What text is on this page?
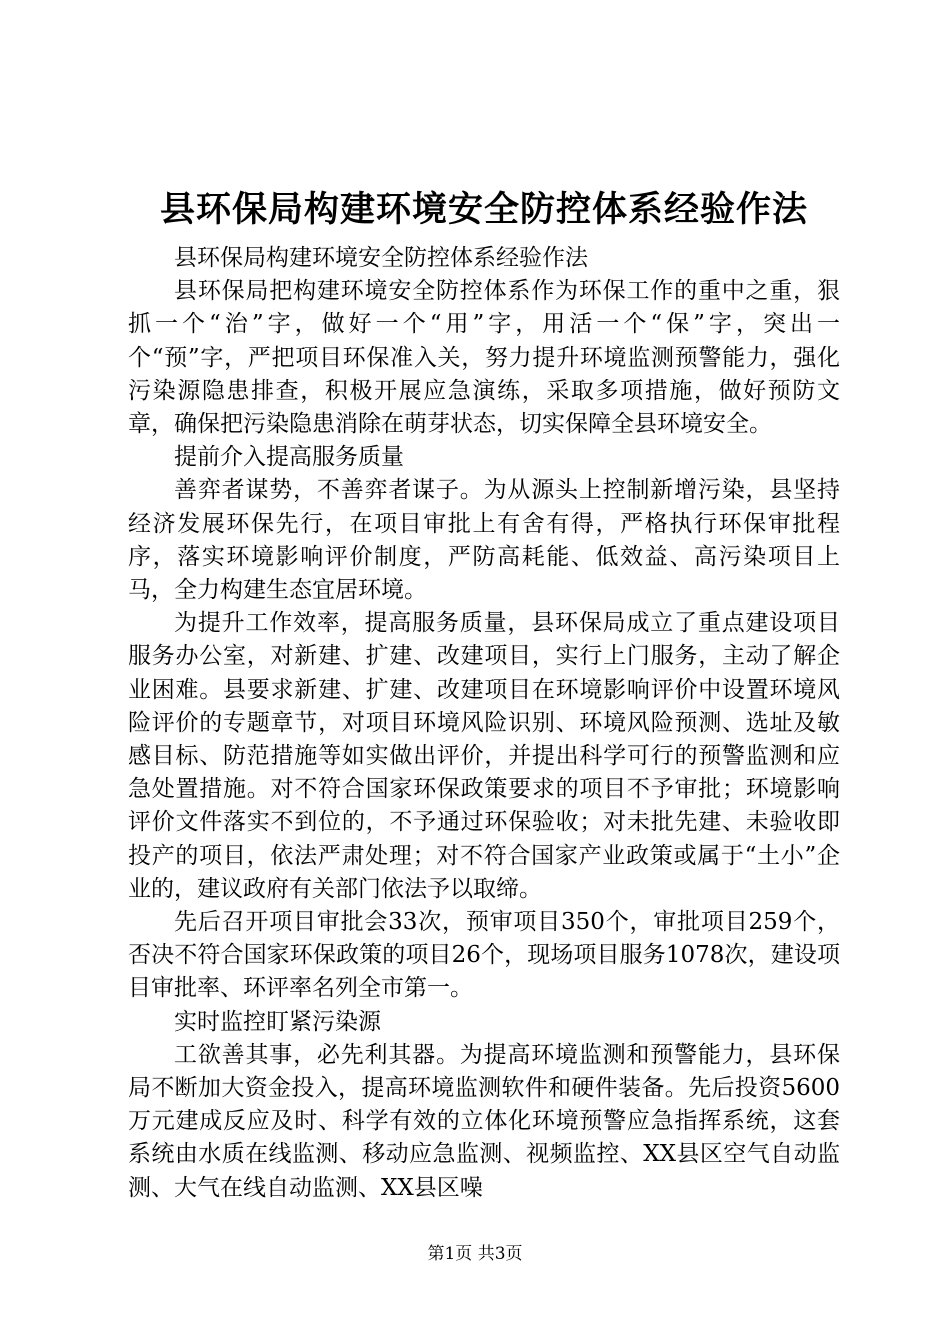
县环保局构建环境安全防控体系经验作法

县环保局构建环境安全防控体系经验作法

县环保局把构建环境安全防控体系作为环保工作的重中之重，狠抓一个“治”字，做好一个“用”字，用活一个“保”字，突出一个“预”字，严把项目环保准入关，努力提升环境监测预警能力，强化污染源隐患排查，积极开展应急演练，采取多项措施，做好预防文章，确保把污染隐患消除在萌芽状态，切实保障全县环境安全。

提前介入提高服务质量

善弈者谋势，不善弈者谋子。为从源头上控制新增污染，县坚持经济发展环保先行，在项目审批上有舍有得，严格执行环保审批程序，落实环境影响评价制度，严防高耗能、低效益、高污染项目上马，全力构建生态宜居环境。

为提升工作效率，提高服务质量，县环保局成立了重点建设项目服务办公室，对新建、扩建、改建项目，实行上门服务，主动了解企业困难。县要求新建、扩建、改建项目在环境影响评价中设置环境风险评价的专题章节，对项目环境风险识别、环境风险预测、选址及敏感目标、防范措施等如实做出评价，并提出科学可行的预警监测和应急处置措施。对不符合国家环保政策要求的项目不予审批；环境影响评价文件落实不到位的，不予通过环保验收；对未批先建、未验收即投产的项目，依法严肃处理；对不符合国家产业政策或属于“土小”企业的，建议政府有关部门依法予以取缔。

先后召开项目审批会33次，预审项目350个，审批项目259个，否决不符合国家环保政策的项目26个，现场项目服务1078次，建设项目审批率、环评率名列全市第一。

实时监控盯紧污染源

工欲善其事，必先利其器。为提高环境监测和预警能力，县环保局不断加大资金投入，提高环境监测软件和硬件装备。先后投资5600万元建成反应及时、科学有效的立体化环境预警应急指挥系统，这套系统由水质在线监测、移动应急监测、视频监控、XX县区空气自动监测、大气在线自动监测、XX县区噪

第1页 共3页
